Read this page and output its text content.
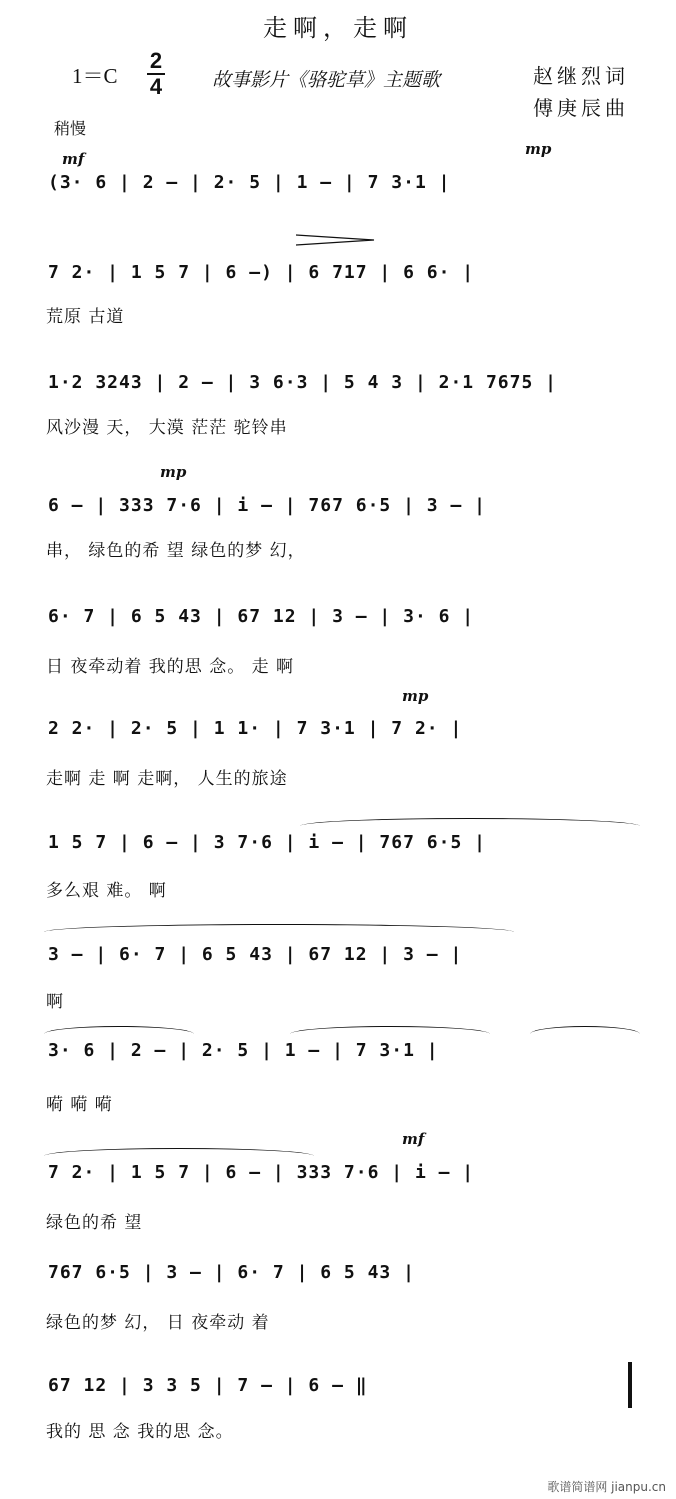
走啊，走啊
1＝C
2
4	故事影片《骆驼草》主题歌	赵继烈词
傅庚辰曲
稍慢
mf
mp
mp
mp
mf
(3· 6 | 2 — | 2· 5 | 1 — | 7 3·1 |
7 2· | 1 5 7 | 6 —) | 6 717 | 6 6· |
荒原 古道
1·2 3243 | 2 — | 3 6·3 | 5 4 3 | 2·1 7675 |
风沙漫 天， 大漠 茫茫 驼铃串
6 — | 333 7·6 | i — | 767 6·5 | 3 — |
串， 绿色的希 望 绿色的梦 幻，
6· 7 | 6 5 43 | 67 12 | 3 — | 3· 6 |
日 夜牵动着 我的思 念。 走 啊
2 2· | 2· 5 | 1 1· | 7 3·1 | 7 2· |
走啊 走 啊 走啊， 人生的旅途
1 5 7 | 6 — | 3 7·6 | i — | 767 6·5 |
多么艰 难。 啊
3 — | 6· 7 | 6 5 43 | 67 12 | 3 — |
啊
3· 6 | 2 — | 2· 5 | 1 — | 7 3·1 |
嗬 嗬 嗬
7 2· | 1 5 7 | 6 — | 333 7·6 | i — |
绿色的希 望
767 6·5 | 3 — | 6· 7 | 6 5 43 |
绿色的梦 幻， 日 夜牵动 着
67 12 | 3 3 5 | 7 — | 6 — ‖
我的 思 念 我的思 念。
歌谱简谱网 jianpu.cn
